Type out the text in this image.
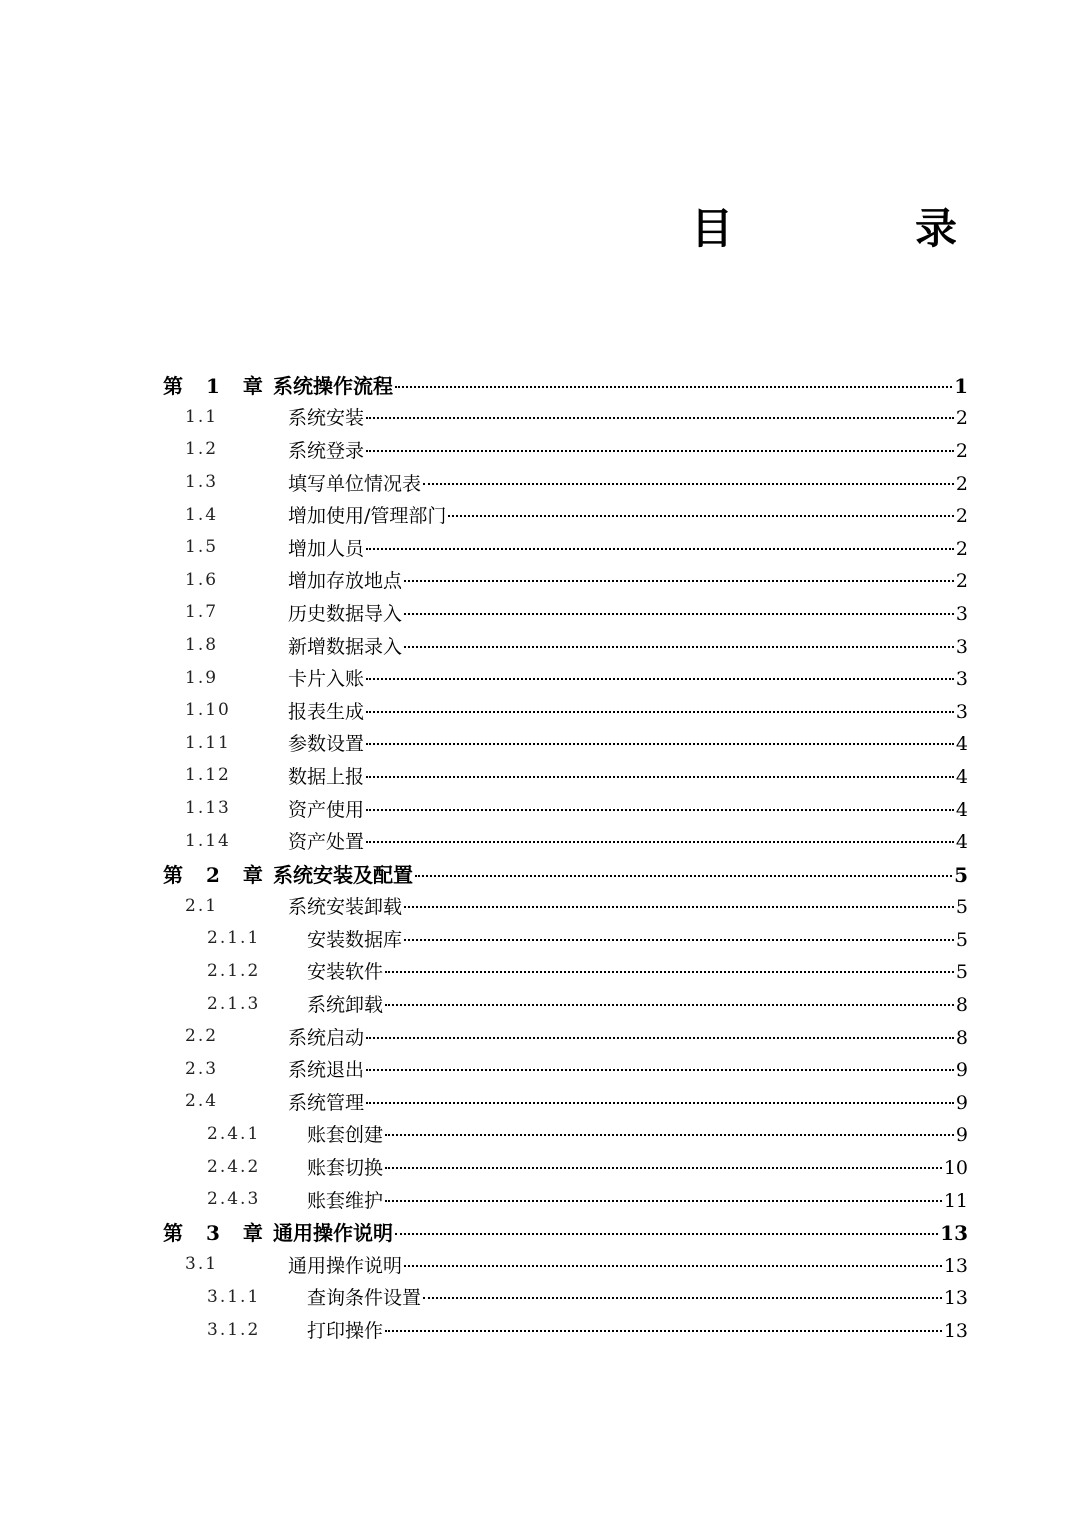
目　录
第 1 章 系统操作流程	1
1.1	系统安装	2
1.2	系统登录	2
1.3	填写单位情况表	2
1.4	增加使用/管理部门	2
1.5	增加人员	2
1.6	增加存放地点	2
1.7	历史数据导入	3
1.8	新增数据录入	3
1.9	卡片入账	3
1.10	报表生成	3
1.11	参数设置	4
1.12	数据上报	4
1.13	资产使用	4
1.14	资产处置	4
第 2 章 系统安装及配置	5
2.1	系统安装卸载	5
2.1.1 安装数据库	5
2.1.2 安装软件	5
2.1.3 系统卸载	8
2.2	系统启动	8
2.3	系统退出	9
2.4	系统管理	9
2.4.1 账套创建	9
2.4.2 账套切换	10
2.4.3 账套维护	11
第 3 章 通用操作说明	13
3.1	通用操作说明	13
3.1.1 查询条件设置	13
3.1.2 打印操作	13
